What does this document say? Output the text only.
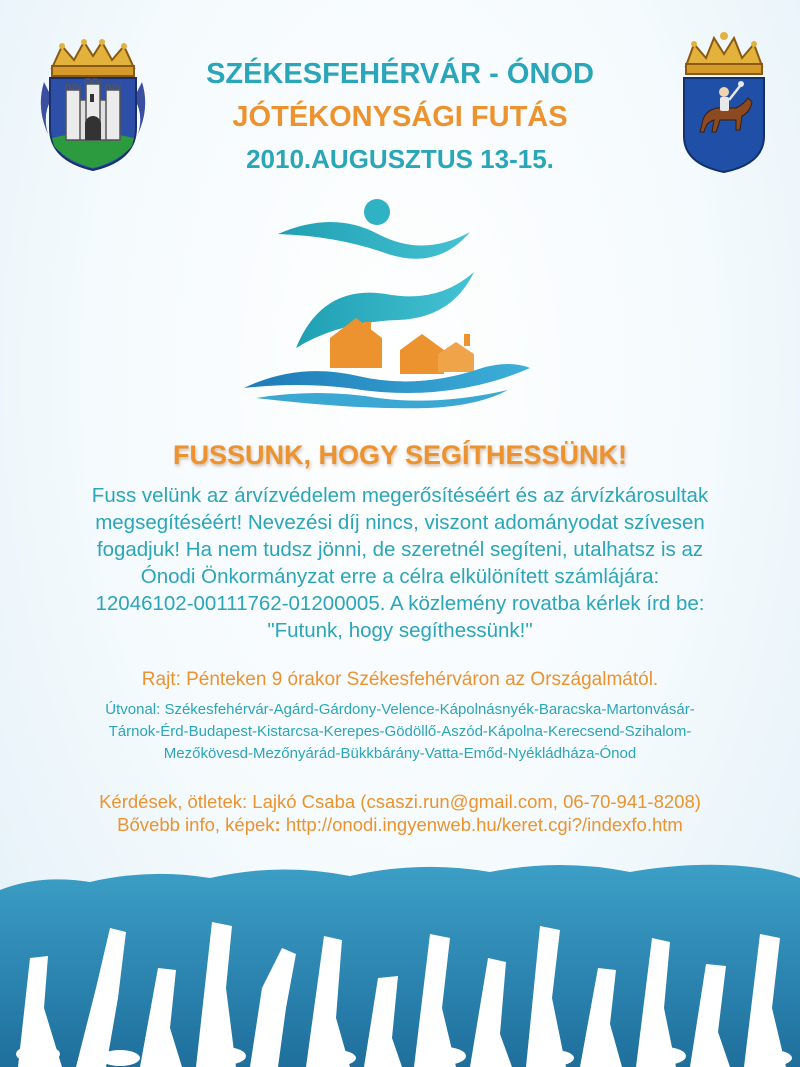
SZÉKESFEHÉRVÁR - ÓNOD
JÓTÉKONYSÁGI FUTÁS
2010.AUGUSZTUS 13-15.
FUSSUNK, HOGY SEGÍTHESSÜNK!
Fuss velünk az árvízvédelem megerősítéséért és az árvízkárosultak
megsegítéséért! Nevezési díj nincs, viszont adományodat szívesen
fogadjuk! Ha nem tudsz jönni, de szeretnél segíteni, utalhatsz is az
Ónodi Önkormányzat erre a célra elkülönített számlájára:
12046102-00111762-01200005. A közlemény rovatba kérlek írd be:
"Futunk, hogy segíthessünk!"
Rajt: Pénteken 9 órakor Székesfehérváron az Országalmától.
Útvonal: Székesfehérvár-Agárd-Gárdony-Velence-Kápolnásnyék-Baracska-Martonvásár-
Tárnok-Érd-Budapest-Kistarcsa-Kerepes-Gödöllő-Aszód-Kápolna-Kerecsend-Szihalom-
Mezőkövesd-Mezőnyárád-Bükkbárány-Vatta-Emőd-Nyékládháza-Ónod
Kérdések, ötletek: Lajkó Csaba (csaszi.run@gmail.com, 06-70-941-8208)
Bővebb info, képek: http://onodi.ingyenweb.hu/keret.cgi?/indexfo.htm
